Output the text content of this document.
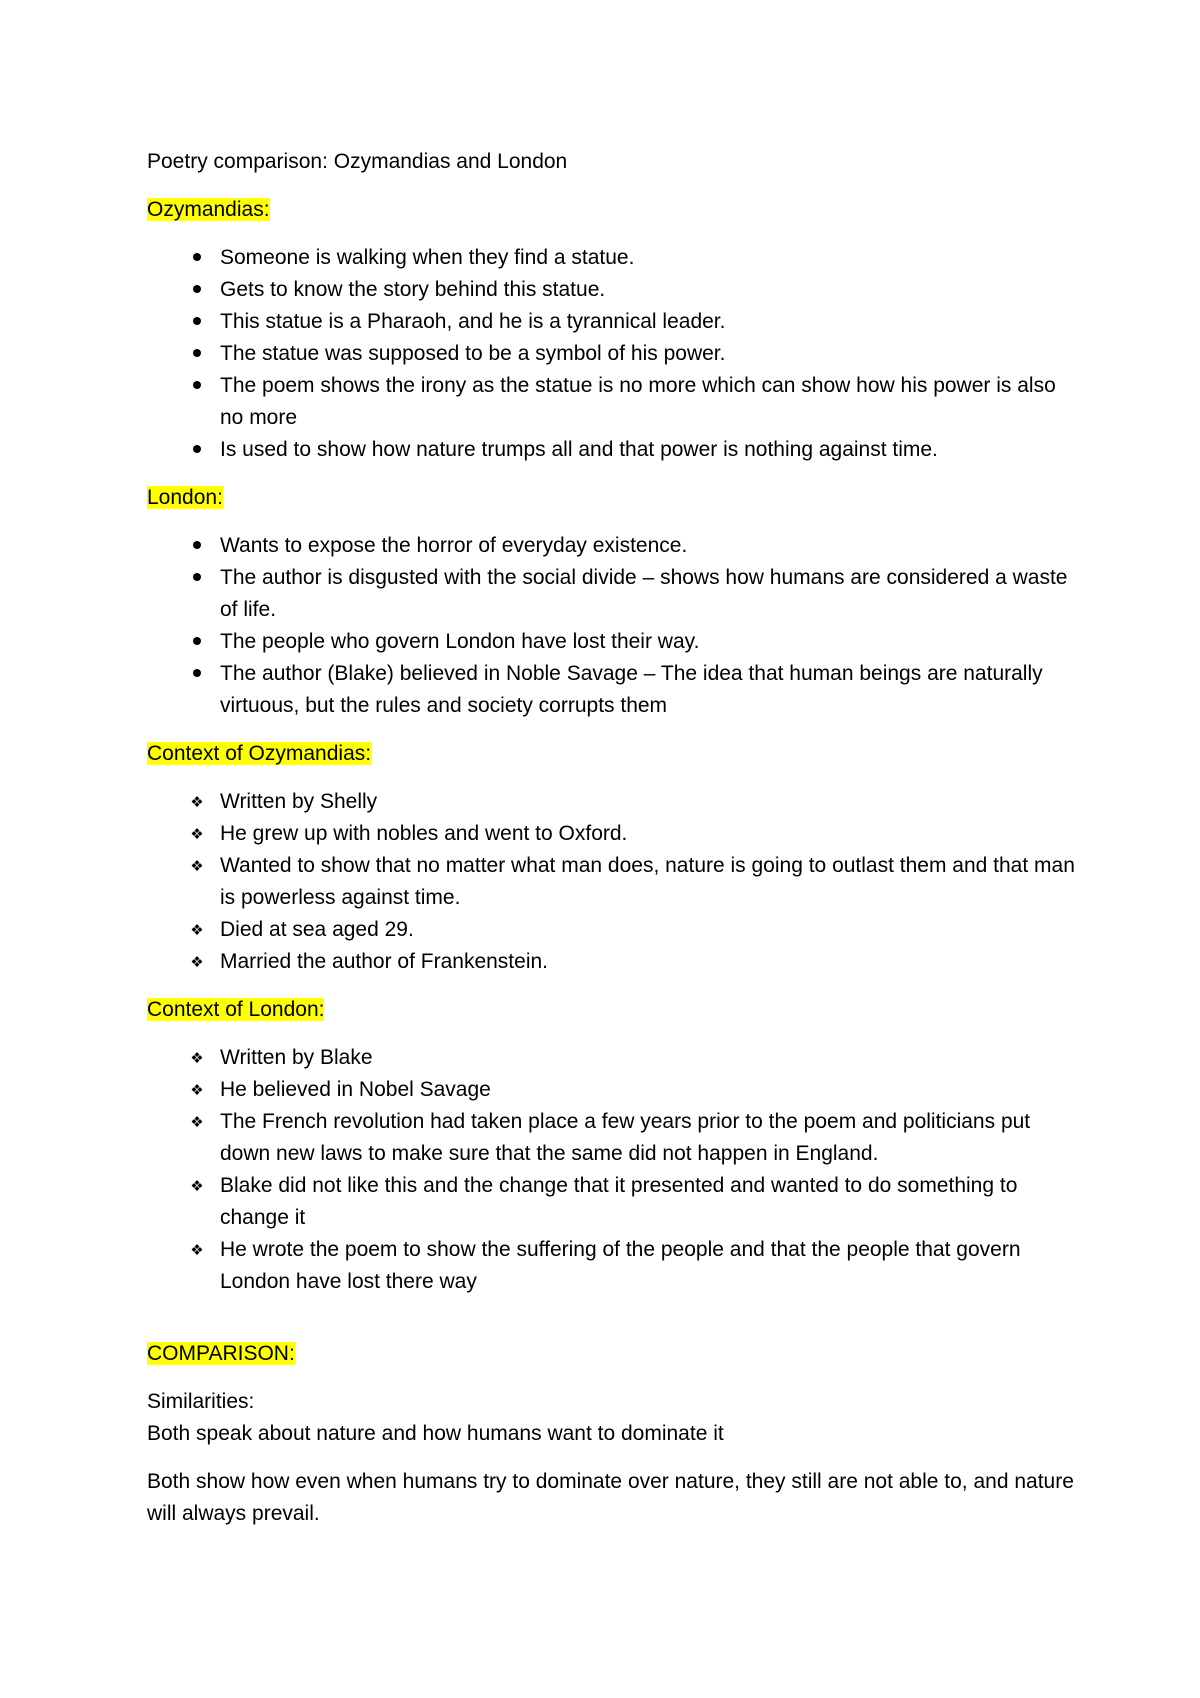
Poetry comparison: Ozymandias and London

Ozymandias:

Someone is walking when they find a statue.
Gets to know the story behind this statue.
This statue is a Pharaoh, and he is a tyrannical leader.
The statue was supposed to be a symbol of his power.
The poem shows the irony as the statue is no more which can show how his power is also no more
Is used to show how nature trumps all and that power is nothing against time.

London:

Wants to expose the horror of everyday existence.
The author is disgusted with the social divide – shows how humans are considered a waste of life.
The people who govern London have lost their way.
The author (Blake) believed in Noble Savage – The idea that human beings are naturally virtuous, but the rules and society corrupts them

Context of Ozymandias:

❖ Written by Shelly
❖ He grew up with nobles and went to Oxford.
❖ Wanted to show that no matter what man does, nature is going to outlast them and that man is powerless against time.
❖ Died at sea aged 29.
❖ Married the author of Frankenstein.

Context of London:

❖ Written by Blake
❖ He believed in Nobel Savage
❖ The French revolution had taken place a few years prior to the poem and politicians put down new laws to make sure that the same did not happen in England.
❖ Blake did not like this and the change that it presented and wanted to do something to change it
❖ He wrote the poem to show the suffering of the people and that the people that govern London have lost there way

COMPARISON:

Similarities:

Both speak about nature and how humans want to dominate it

Both show how even when humans try to dominate over nature, they still are not able to, and nature will always prevail.
